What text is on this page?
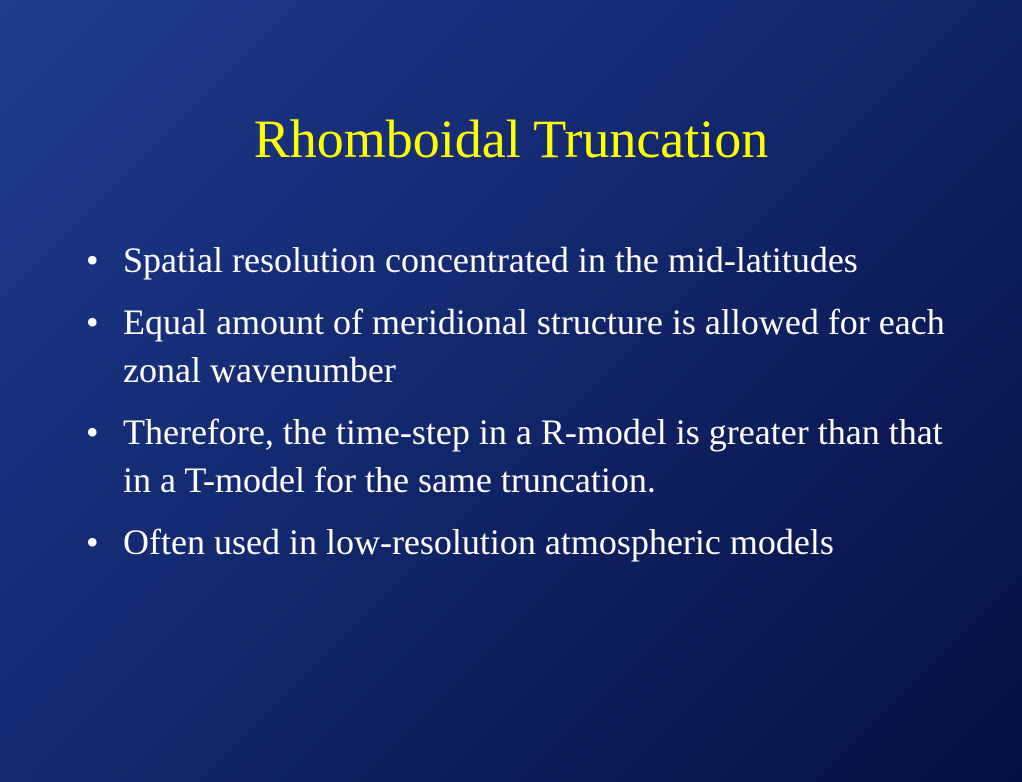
Rhomboidal Truncation
• Spatial resolution concentrated in the mid-latitudes
• Equal amount of meridional structure is allowed for each zonal wavenumber
• Therefore, the time-step in a R-model is greater than that in a T-model for the same truncation.
• Often used in low-resolution atmospheric models
